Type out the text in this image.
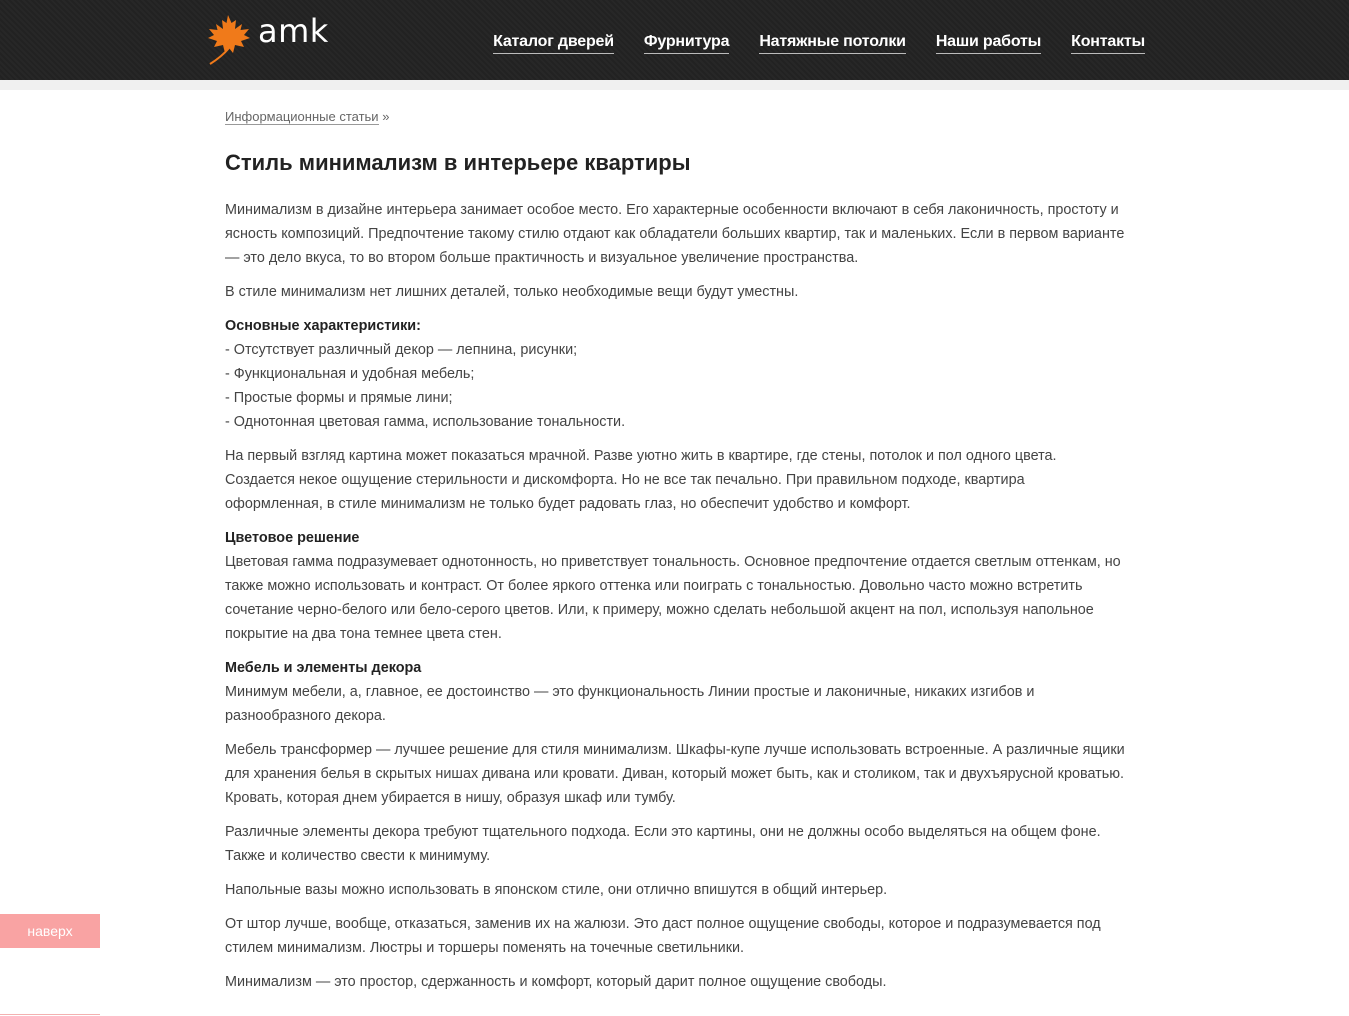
amk	Каталог дверей Фурнитура Натяжные потолки Наши работы Контакты
Информационные статьи »
Стиль минимализм в интерьере квартиры

Минимализм в дизайне интерьера занимает особое место. Его характерные особенности включают в себя лаконичность, простоту и ясность композиций. Предпочтение такому стилю отдают как обладатели больших квартир, так и маленьких. Если в первом варианте — это дело вкуса, то во втором больше практичность и визуальное увеличение пространства.

В стиле минимализм нет лишних деталей, только необходимые вещи будут уместны.

Основные характеристики:
- Отсутствует различный декор — лепнина, рисунки;
- Функциональная и удобная мебель;
- Простые формы и прямые лини;
- Однотонная цветовая гамма, использование тональности.

На первый взгляд картина может показаться мрачной. Разве уютно жить в квартире, где стены, потолок и пол одного цвета. Создается некое ощущение стерильности и дискомфорта. Но не все так печально. При правильном подходе, квартира оформленная, в стиле минимализм не только будет радовать глаз, но обеспечит удобство и комфорт.

Цветовое решение
Цветовая гамма подразумевает однотонность, но приветствует тональность. Основное предпочтение отдается светлым оттенкам, но также можно использовать и контраст. От более яркого оттенка или поиграть с тональностью. Довольно часто можно встретить сочетание черно-белого или бело-серого цветов. Или, к примеру, можно сделать небольшой акцент на пол, используя напольное покрытие на два тона темнее цвета стен.

Мебель и элементы декора
Минимум мебели, а, главное, ее достоинство — это функциональность Линии простые и лаконичные, никаких изгибов и разнообразного декора.

Мебель трансформер — лучшее решение для стиля минимализм. Шкафы-купе лучше использовать встроенные. А различные ящики для хранения белья в скрытых нишах дивана или кровати. Диван, который может быть, как и столиком, так и двухъярусной кроватью. Кровать, которая днем убирается в нишу, образуя шкаф или тумбу.

Различные элементы декора требуют тщательного подхода. Если это картины, они не должны особо выделяться на общем фоне. Также и количество свести к минимуму.

Напольные вазы можно использовать в японском стиле, они отлично впишутся в общий интерьер.

От штор лучше, вообще, отказаться, заменив их на жалюзи. Это даст полное ощущение свободы, которое и подразумевается под стилем минимализм. Люстры и торшеры поменять на точечные светильники.

Минимализм — это простор, сдержанность и комфорт, который дарит полное ощущение свободы.

наверх
